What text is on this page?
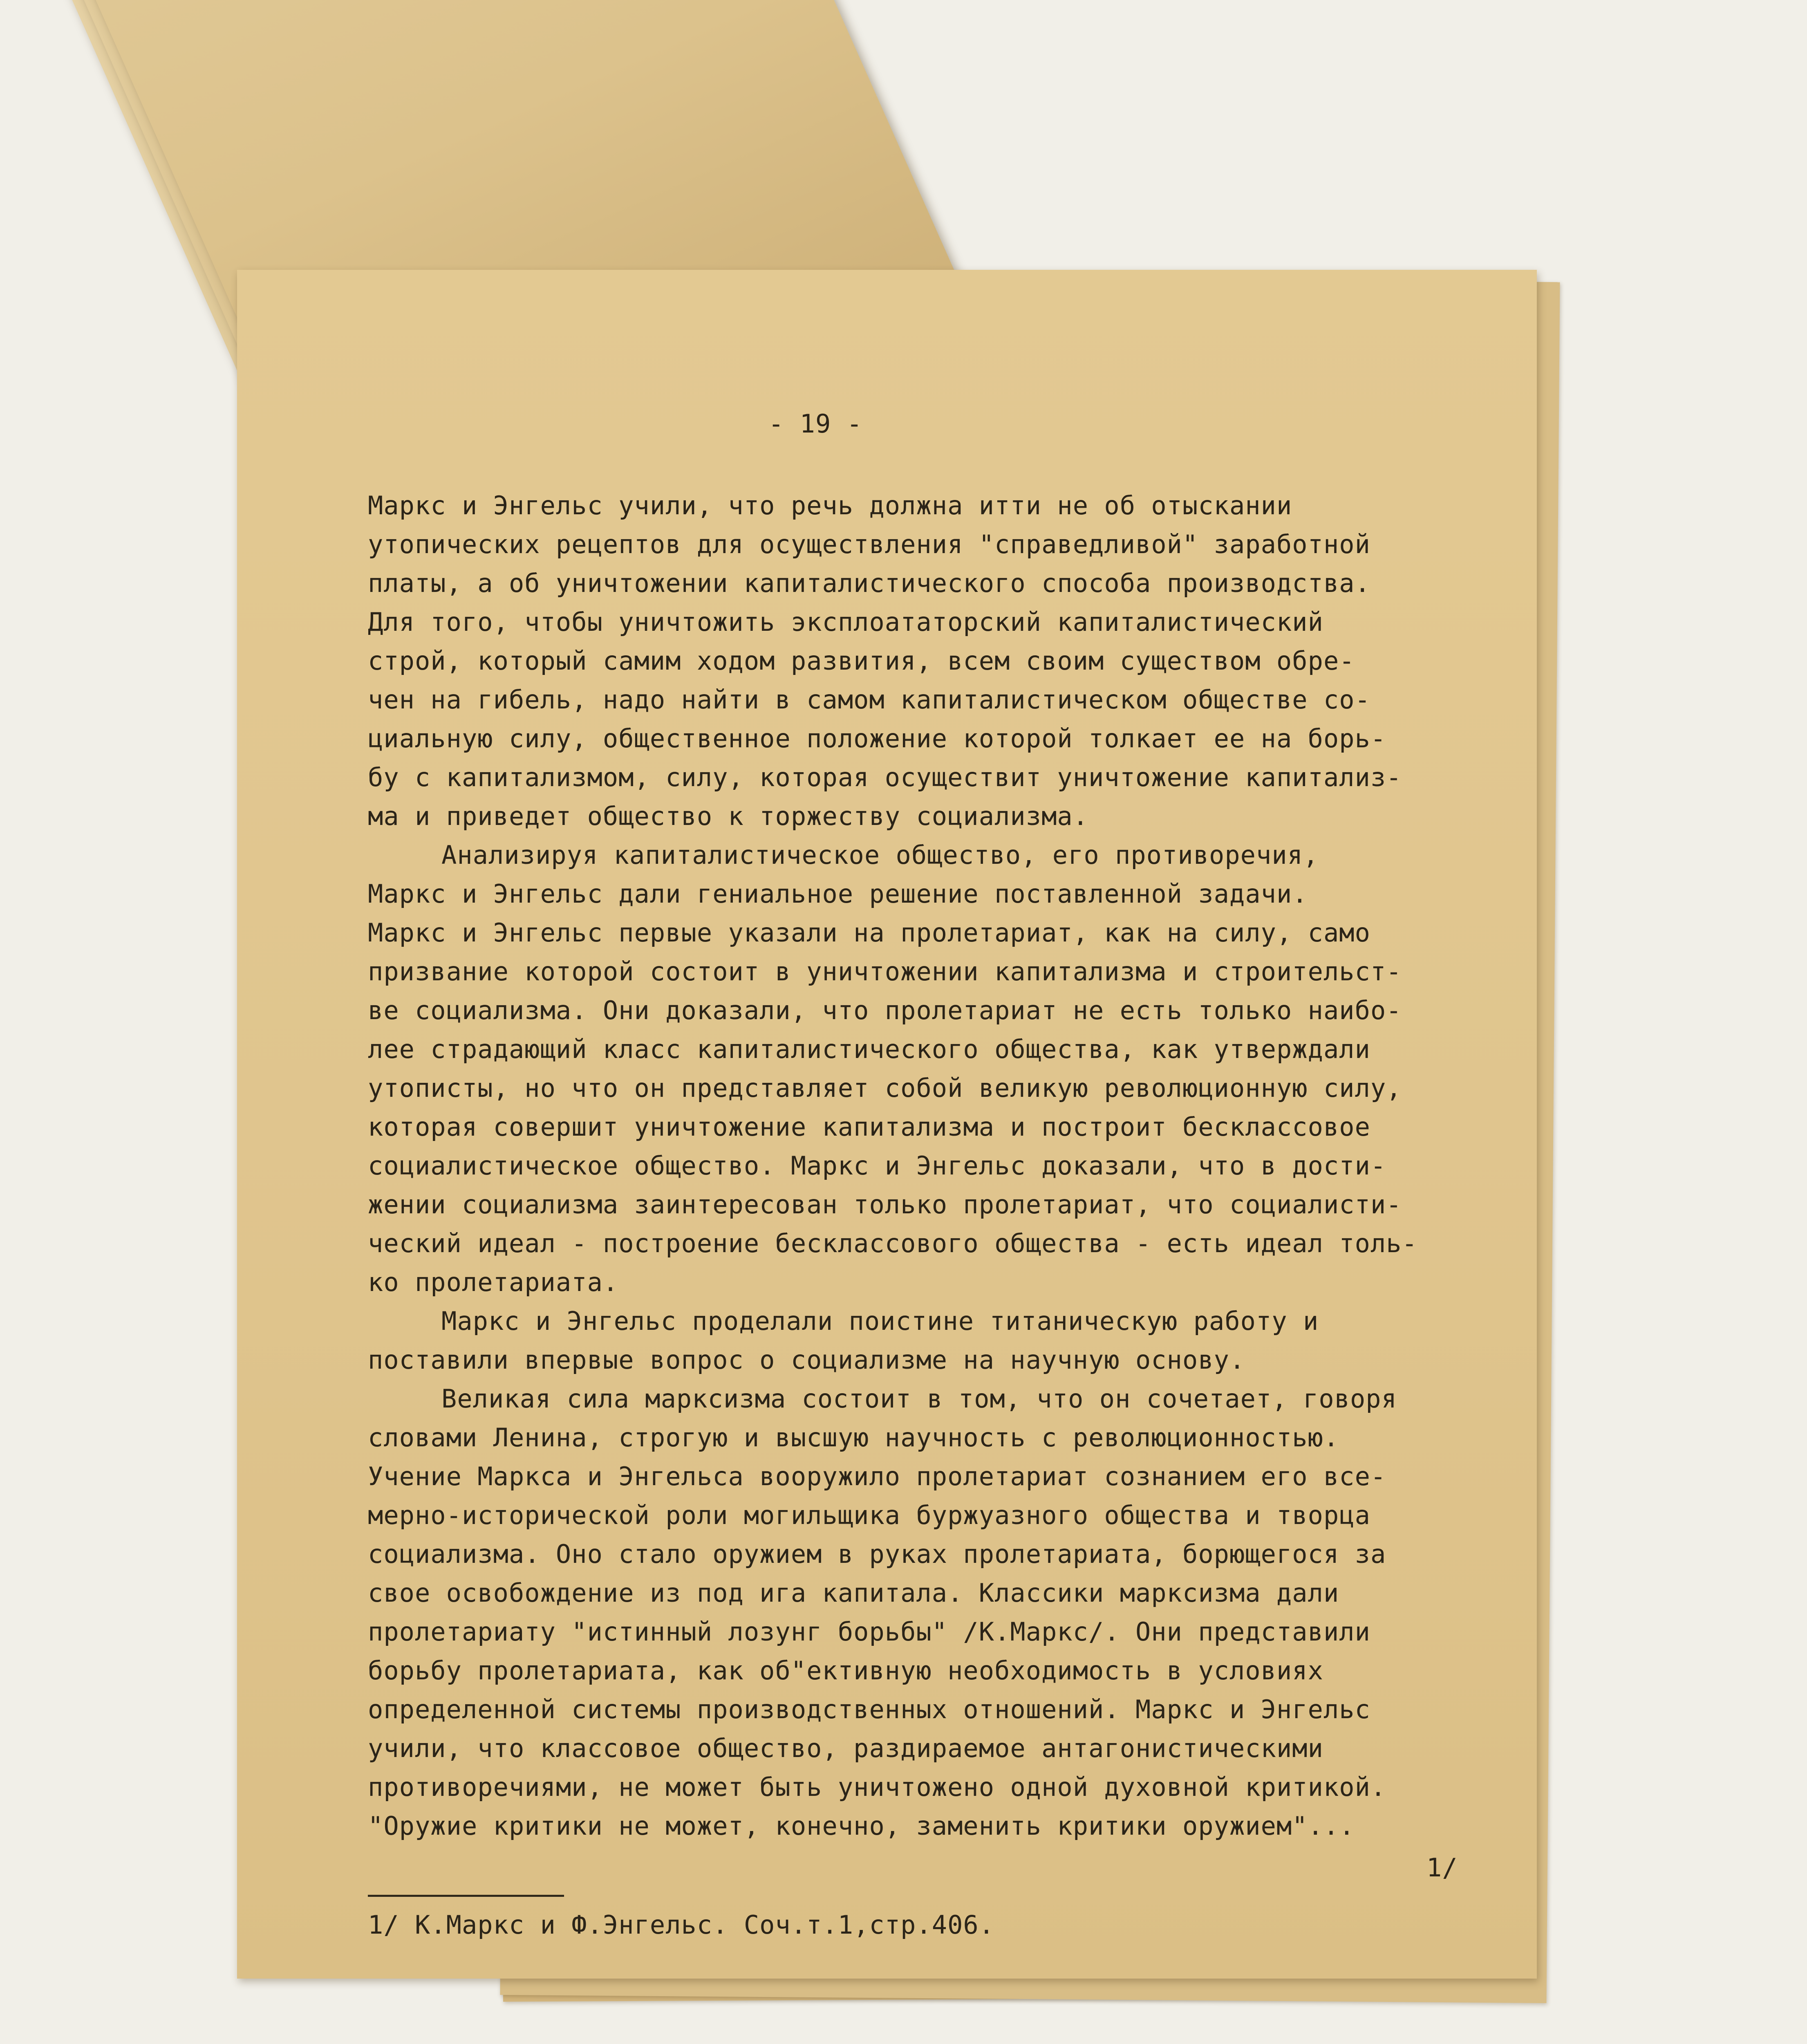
- 19 -
Маркс и Энгельс учили, что речь должна итти не об отыскании
утопических рецептов для осуществления "справедливой" заработной
платы, а об уничтожении капиталистического способа производства.
Для того, чтобы уничтожить эксплоататорский капиталистический
строй, который самим ходом развития, всем своим существом обре-
чен на гибель, надо найти в самом капиталистическом обществе со-
циальную силу, общественное положение которой толкает ее на борь-
бу с капитализмом, силу, которая осуществит уничтожение капитализ-
ма и приведет общество к торжеству социализма.
Анализируя капиталистическое общество, его противоречия,
Маркс и Энгельс дали гениальное решение поставленной задачи.
Маркс и Энгельс первые указали на пролетариат, как на силу, само
призвание которой состоит в уничтожении капитализма и строительст-
ве социализма. Они доказали, что пролетариат не есть только наибо-
лее страдающий класс капиталистического общества, как утверждали
утописты, но что он представляет собой великую революционную силу,
которая совершит уничтожение капитализма и построит бесклассовое
социалистическое общество. Маркс и Энгельс доказали, что в дости-
жении социализма заинтересован только пролетариат, что социалисти-
ческий идеал - построение бесклассового общества - есть идеал толь-
ко пролетариата.
Маркс и Энгельс проделали поистине титаническую работу и
поставили впервые вопрос о социализме на научную основу.
Великая сила марксизма состоит в том, что он сочетает, говоря
словами Ленина, строгую и высшую научность с революционностью.
Учение Маркса и Энгельса вооружило пролетариат сознанием его все-
мерно-исторической роли могильщика буржуазного общества и творца
социализма. Оно стало оружием в руках пролетариата, борющегося за
свое освобождение из под ига капитала. Классики марксизма дали
пролетариату "истинный лозунг борьбы" /К.Маркс/. Они представили
борьбу пролетариата, как об"ективную необходимость в условиях
определенной системы производственных отношений. Маркс и Энгельс
учили, что классовое общество, раздираемое антагонистическими
противоречиями, не может быть уничтожено одной духовной критикой.
"Оружие критики не может, конечно, заменить критики оружием"...
1/
1/ К.Маркс и Ф.Энгельс. Соч.т.1,стр.406.
